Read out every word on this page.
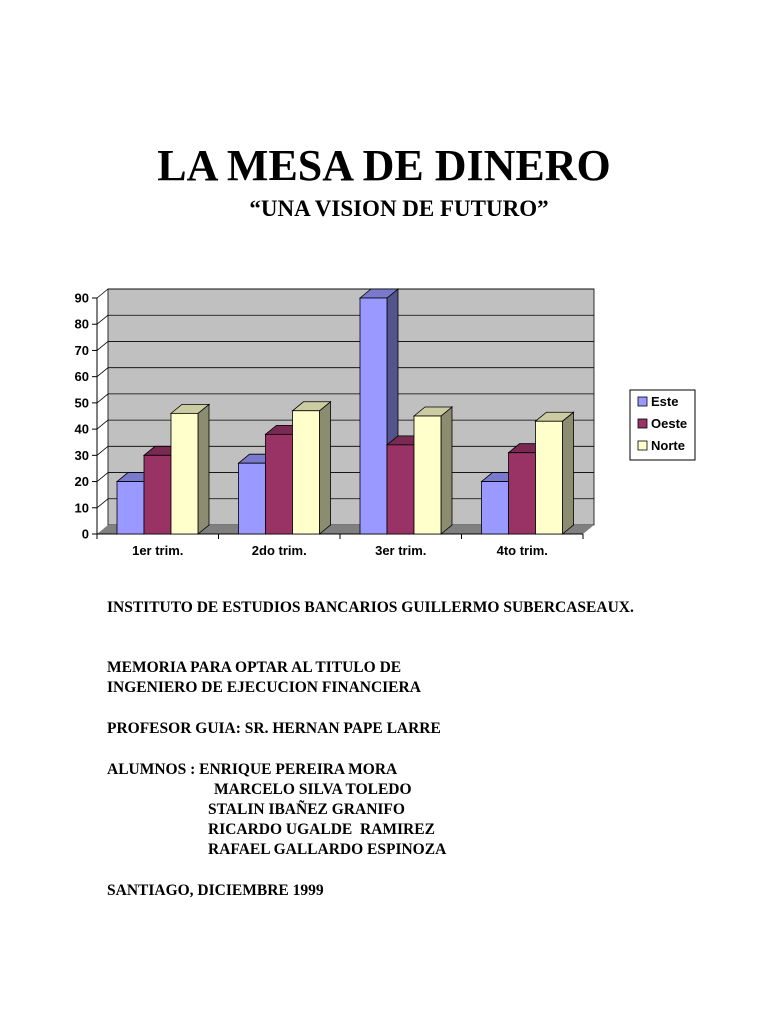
LA MESA DE DINERO
“UNA VISION DE FUTURO”
0
10
20
30
40
50
60
70
80
90
1er trim.	2do trim.	3er trim.	4to trim.
Este
Oeste
Norte
INSTITUTO DE ESTUDIOS BANCARIOS GUILLERMO SUBERCASEAUX.
MEMORIA PARA OPTAR AL TITULO DE
INGENIERO DE EJECUCION FINANCIERA
PROFESOR GUIA: SR. HERNAN PAPE LARRE
ALUMNOS : ENRIQUE PEREIRA MORA
MARCELO SILVA TOLEDO
STALIN IBAÑEZ GRANIFO
RICARDO UGALDE  RAMIREZ
RAFAEL GALLARDO ESPINOZA
SANTIAGO, DICIEMBRE 1999
